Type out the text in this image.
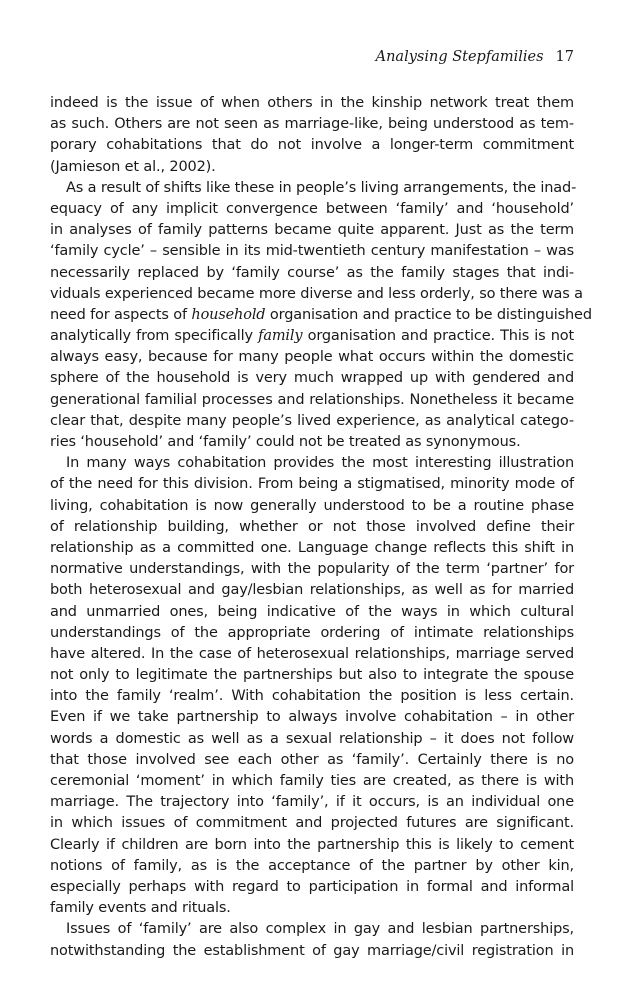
Analysing Stepfamilies 17
indeed is the issue of when others in the kinship network treat them
as such. Others are not seen as marriage-like, being understood as tem-
porary cohabitations that do not involve a longer-term commitment
(Jamieson et al., 2002).
As a result of shifts like these in people’s living arrangements, the inad-
equacy of any implicit convergence between ‘family’ and ‘household’
in analyses of family patterns became quite apparent. Just as the term
‘family cycle’ – sensible in its mid-twentieth century manifestation – was
necessarily replaced by ‘family course’ as the family stages that indi-
viduals experienced became more diverse and less orderly, so there was a
need for aspects of household organisation and practice to be distinguished
analytically from specifically family organisation and practice. This is not
always easy, because for many people what occurs within the domestic
sphere of the household is very much wrapped up with gendered and
generational familial processes and relationships. Nonetheless it became
clear that, despite many people’s lived experience, as analytical catego-
ries ‘household’ and ‘family’ could not be treated as synonymous.
In many ways cohabitation provides the most interesting illustration
of the need for this division. From being a stigmatised, minority mode of
living, cohabitation is now generally understood to be a routine phase
of relationship building, whether or not those involved define their
relationship as a committed one. Language change reflects this shift in
normative understandings, with the popularity of the term ‘partner’ for
both heterosexual and gay/lesbian relationships, as well as for married
and unmarried ones, being indicative of the ways in which cultural
understandings of the appropriate ordering of intimate relationships
have altered. In the case of heterosexual relationships, marriage served
not only to legitimate the partnerships but also to integrate the spouse
into the family ‘realm’. With cohabitation the position is less certain.
Even if we take partnership to always involve cohabitation – in other
words a domestic as well as a sexual relationship – it does not follow
that those involved see each other as ‘family’. Certainly there is no
ceremonial ‘moment’ in which family ties are created, as there is with
marriage. The trajectory into ‘family’, if it occurs, is an individual one
in which issues of commitment and projected futures are significant.
Clearly if children are born into the partnership this is likely to cement
notions of family, as is the acceptance of the partner by other kin,
especially perhaps with regard to participation in formal and informal
family events and rituals.
Issues of ‘family’ are also complex in gay and lesbian partnerships,
notwithstanding the establishment of gay marriage/civil registration in
